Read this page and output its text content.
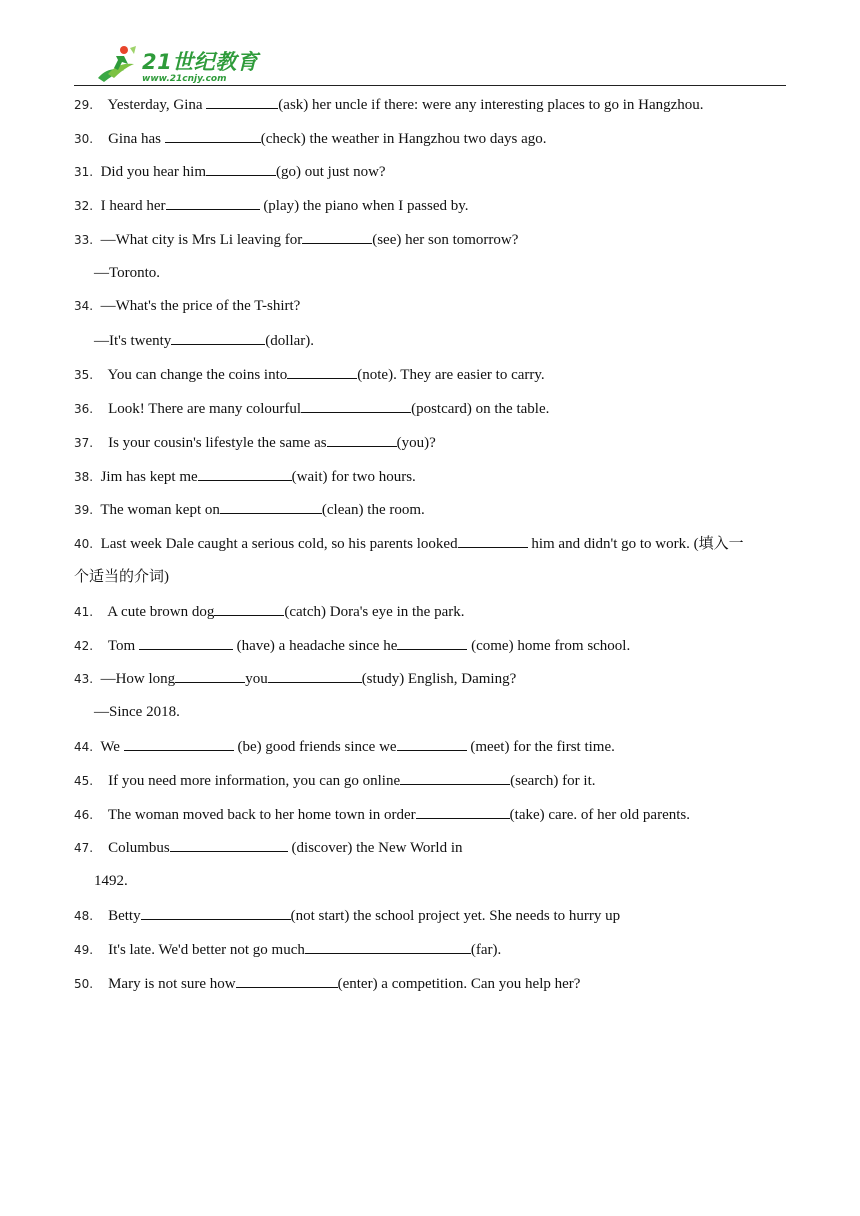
21世纪教育
www.21cnjy.com
29. Yesterday, Gina	(ask) her uncle if there: were any interesting places to go in Hangzhou.
30. Gina has	(check) the weather in Hangzhou two days ago.
31. Did you hear him	(go) out just now?
32. I heard her	(play) the piano when I passed by.
33. —What city is Mrs Li leaving for	(see) her son tomorrow?
—Toronto.
34. —What's the price of the T-shirt?
—It's twenty	(dollar).
35. You can change the coins into	(note). They are easier to carry.
36. Look! There are many colourful	(postcard) on the table.
37. Is your cousin's lifestyle the same as	(you)?
38. Jim has kept me	(wait) for two hours.
39. The woman kept on	(clean) the room.
40. Last week Dale caught a serious cold, so his parents looked	him and didn't go to work. (填入一
个适当的介词)
41. A cute brown dog	(catch) Dora's eye in the park.
42. Tom	(have) a headache since he	(come) home from school.
43. —How long	you	(study) English, Daming?
—Since 2018.
44. We	(be) good friends since we	(meet) for the first time.
45. If you need more information, you can go online	(search) for it.
46. The woman moved back to her home town in order	(take) care. of her old parents.
47. Columbus	(discover) the New World in
1492.
48. Betty	(not start) the school project yet. She needs to hurry up
49. It's late. We'd better not go much	(far).
50. Mary is not sure how	(enter) a competition. Can you help her?
